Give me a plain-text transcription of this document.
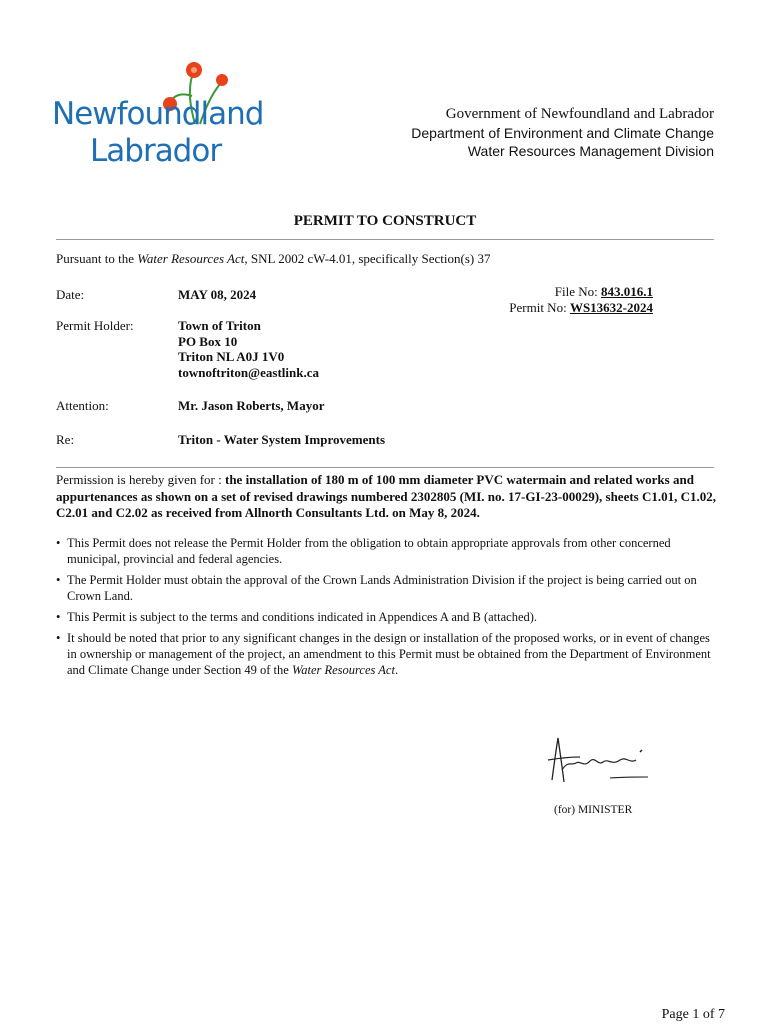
Newfoundland
Labrador
Government of Newfoundland and Labrador
Department of Environment and Climate Change
Water Resources Management Division
PERMIT TO CONSTRUCT
Pursuant to the Water Resources Act, SNL 2002 cW-4.01, specifically Section(s) 37
Date:	MAY 08, 2024	File No: 843.016.1
Permit No: WS13632-2024
Permit Holder:	Town of Triton
PO Box 10
Triton NL A0J 1V0
townoftriton@eastlink.ca
Attention:	Mr. Jason Roberts, Mayor
Re:	Triton - Water System Improvements
Permission is hereby given for : the installation of 180 m of 100 mm diameter PVC watermain and related works and appurtenances as shown on a set of revised drawings numbered 2302805 (MI. no. 17-GI-23-00029), sheets C1.01, C1.02, C2.01 and C2.02 as received from Allnorth Consultants Ltd. on May 8, 2024.
• This Permit does not release the Permit Holder from the obligation to obtain appropriate approvals from other concerned municipal, provincial and federal agencies.
• The Permit Holder must obtain the approval of the Crown Lands Administration Division if the project is being carried out on Crown Land.
• This Permit is subject to the terms and conditions indicated in Appendices A and B (attached).
• It should be noted that prior to any significant changes in the design or installation of the proposed works, or in event of changes in ownership or management of the project, an amendment to this Permit must be obtained from the Department of Environment and Climate Change under Section 49 of the Water Resources Act.
(for) MINISTER
Page 1 of 7
